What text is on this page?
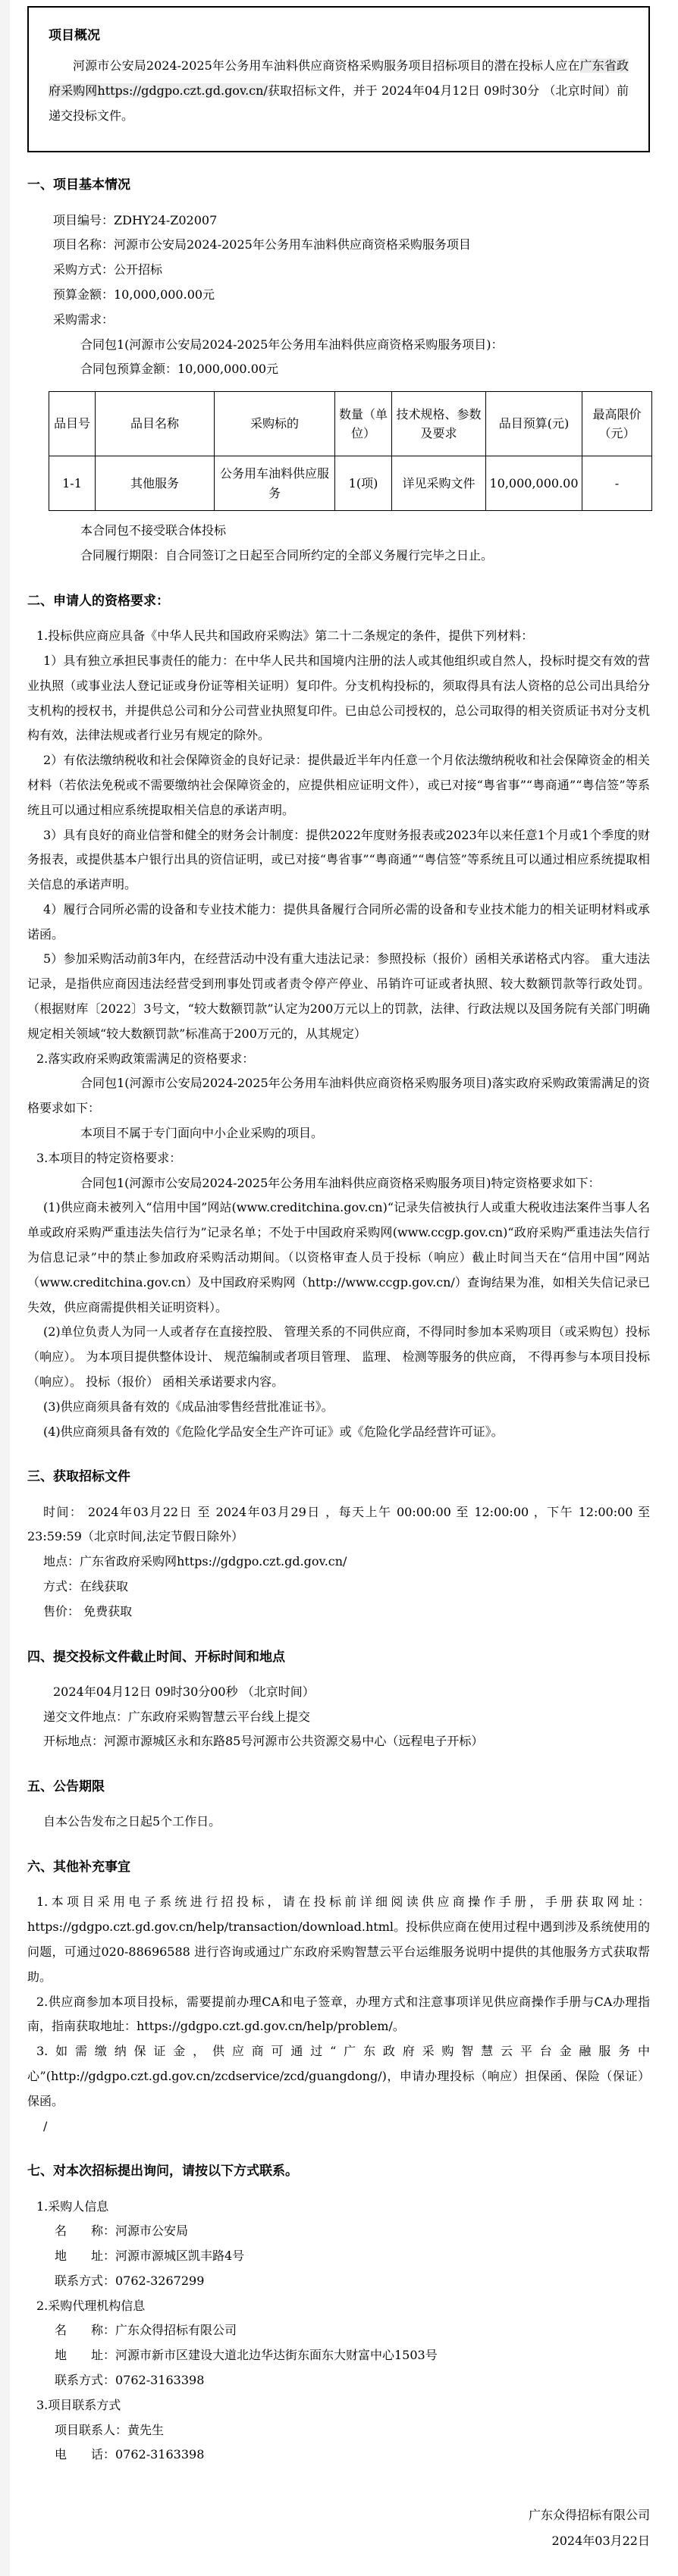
项目概况

河源市公安局2024-2025年公务用车油料供应商资格采购服务项目招标项目的潜在投标人应在广东省政府采购网https://gdgpo.czt.gd.gov.cn/获取招标文件，并于 2024年04月12日 09时30分 （北京时间）前递交投标文件。

一、项目基本情况

项目编号：ZDHY24-Z02007

项目名称：河源市公安局2024-2025年公务用车油料供应商资格采购服务项目

采购方式：公开招标

预算金额：10,000,000.00元

采购需求：

合同包1(河源市公安局2024-2025年公务用车油料供应商资格采购服务项目)：

合同包预算金额：10,000,000.00元

品目号	品目名称	采购标的	数量（单位）	技术规格、参数及要求	品目预算(元)	最高限价（元）
1-1	其他服务	公务用车油料供应服务	1(项)	详见采购文件	10,000,000.00	-

本合同包不接受联合体投标

合同履行期限：自合同签订之日起至合同所约定的全部义务履行完毕之日止。

二、申请人的资格要求：

1.投标供应商应具备《中华人民共和国政府采购法》第二十二条规定的条件，提供下列材料：

1）具有独立承担民事责任的能力：在中华人民共和国境内注册的法人或其他组织或自然人，投标时提交有效的营业执照（或事业法人登记证或身份证等相关证明）复印件。分支机构投标的，须取得具有法人资格的总公司出具给分支机构的授权书，并提供总公司和分公司营业执照复印件。已由总公司授权的，总公司取得的相关资质证书对分支机构有效，法律法规或者行业另有规定的除外。

2）有依法缴纳税收和社会保障资金的良好记录：提供最近半年内任意一个月依法缴纳税收和社会保障资金的相关材料（若依法免税或不需要缴纳社会保障资金的，应提供相应证明文件），或已对接“粤省事”“粤商通”“粤信签”等系统且可以通过相应系统提取相关信息的承诺声明。

3）具有良好的商业信誉和健全的财务会计制度：提供2022年度财务报表或2023年以来任意1个月或1个季度的财务报表，或提供基本户银行出具的资信证明，或已对接“粤省事”“粤商通”“粤信签”等系统且可以通过相应系统提取相关信息的承诺声明。

4）履行合同所必需的设备和专业技术能力：提供具备履行合同所必需的设备和专业技术能力的相关证明材料或承诺函。

5）参加采购活动前3年内，在经营活动中没有重大违法记录：参照投标（报价）函相关承诺格式内容。 重大违法记录，是指供应商因违法经营受到刑事处罚或者责令停产停业、吊销许可证或者执照、较大数额罚款等行政处罚。（根据财库〔2022〕3号文，“较大数额罚款”认定为200万元以上的罚款，法律、行政法规以及国务院有关部门明确规定相关领域“较大数额罚款”标准高于200万元的，从其规定）

2.落实政府采购政策需满足的资格要求：

合同包1(河源市公安局2024-2025年公务用车油料供应商资格采购服务项目)落实政府采购政策需满足的资格要求如下：

本项目不属于专门面向中小企业采购的项目。

3.本项目的特定资格要求：

合同包1(河源市公安局2024-2025年公务用车油料供应商资格采购服务项目)特定资格要求如下：

(1)供应商未被列入“信用中国”网站(www.creditchina.gov.cn)“记录失信被执行人或重大税收违法案件当事人名单或政府采购严重违法失信行为”记录名单；不处于中国政府采购网(www.ccgp.gov.cn)“政府采购严重违法失信行为信息记录”中的禁止参加政府采购活动期间。（以资格审查人员于投标（响应）截止时间当天在“信用中国”网站（www.creditchina.gov.cn）及中国政府采购网（http://www.ccgp.gov.cn/）查询结果为准，如相关失信记录已失效，供应商需提供相关证明资料）。

(2)单位负责人为同一人或者存在直接控股、 管理关系的不同供应商，不得同时参加本采购项目（或采购包）投标（响应）。 为本项目提供整体设计、 规范编制或者项目管理、 监理、 检测等服务的供应商， 不得再参与本项目投标（响应）。 投标（报价） 函相关承诺要求内容。

(3)供应商须具备有效的《成品油零售经营批准证书》。

(4)供应商须具备有效的《危险化学品安全生产许可证》或《危险化学品经营许可证》。

三、获取招标文件

时间： 2024年03月22日 至 2024年03月29日 ，每天上午 00:00:00 至 12:00:00 ，下午 12:00:00 至 23:59:59（北京时间,法定节假日除外）

地点：广东省政府采购网https://gdgpo.czt.gd.gov.cn/

方式：在线获取

售价： 免费获取

四、提交投标文件截止时间、开标时间和地点

2024年04月12日 09时30分00秒 （北京时间）

递交文件地点：广东政府采购智慧云平台线上提交

开标地点：河源市源城区永和东路85号河源市公共资源交易中心（远程电子开标）

五、公告期限

自本公告发布之日起5个工作日。

六、其他补充事宜

1.本项目采用电子系统进行招投标，请在投标前详细阅读供应商操作手册，手册获取网址：https://gdgpo.czt.gd.gov.cn/help/transaction/download.html。投标供应商在使用过程中遇到涉及系统使用的问题，可通过020-88696588 进行咨询或通过广东政府采购智慧云平台运维服务说明中提供的其他服务方式获取帮助。

2.供应商参加本项目投标，需要提前办理CA和电子签章，办理方式和注意事项详见供应商操作手册与CA办理指南，指南获取地址：https://gdgpo.czt.gd.gov.cn/help/problem/。

3.如需缴纳保证金，供应商可通过“广东政府采购智慧云平台金融服务中心”(http://gdgpo.czt.gd.gov.cn/zcdservice/zcd/guangdong/)，申请办理投标（响应）担保函、保险（保证）保函。

/

七、对本次招标提出询问，请按以下方式联系。

1.采购人信息

名　　称：河源市公安局

地　　址：河源市源城区凯丰路4号

联系方式：0762-3267299

2.采购代理机构信息

名　　称：广东众得招标有限公司

地　　址：河源市新市区建设大道北边华达街东面东大财富中心1503号

联系方式：0762-3163398

3.项目联系方式

项目联系人：黄先生

电　　话：0762-3163398

广东众得招标有限公司
2024年03月22日
